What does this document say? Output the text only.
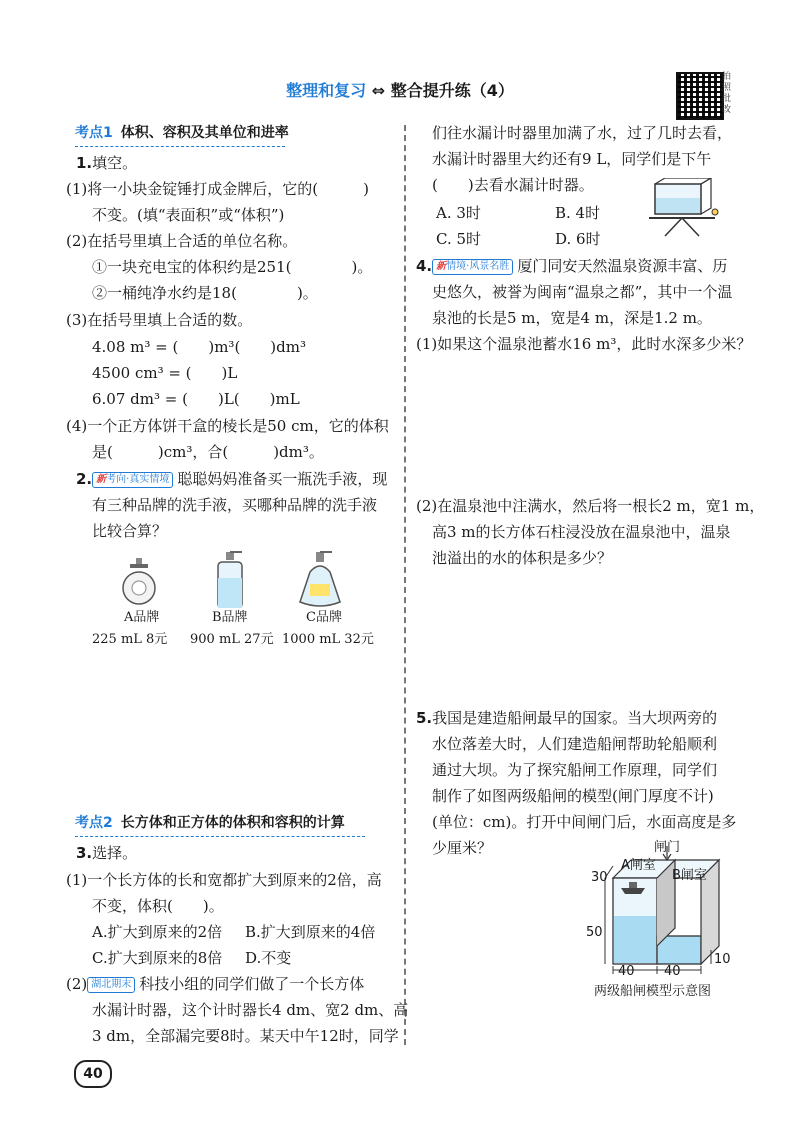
整理和复习 ⇔ 整合提升练（4）
拍照批改
考点1 体积、容积及其单位和进率
1.填空。
(1)将一小块金锭锤打成金牌后，它的(　　　)
不变。(填“表面积”或“体积”)
(2)在括号里填上合适的单位名称。
①一块充电宝的体积约是251(　　　　)。
②一桶纯净水约是18(　　　　)。
(3)在括号里填上合适的数。
4.08 m³ = (　　)m³(　　)dm³
4500 cm³ = (　　)L
6.07 dm³ = (　　)L(　　)mL
(4)一个正方体饼干盒的棱长是50 cm，它的体积
是(　　　)cm³，合(　　　)dm³。
2. 新考向·真实情境 聪聪妈妈准备买一瓶洗手液，现
有三种品牌的洗手液，买哪种品牌的洗手液
比较合算？
A品牌
225 mL 8元
B品牌
900 mL 27元
C品牌
1000 mL 32元
考点2 长方体和正方体的体积和容积的计算
3.选择。
(1)一个长方体的长和宽都扩大到原来的2倍，高
不变，体积(　　)。
A.扩大到原来的2倍 B.扩大到原来的4倍
C.扩大到原来的8倍 D.不变
(2) 湖北期末 科技小组的同学们做了一个长方体
水漏计时器，这个计时器长4 dm、宽2 dm、高
3 dm，全部漏完要8时。某天中午12时，同学
40
们往水漏计时器里加满了水，过了几时去看，
水漏计时器里大约还有9 L，同学们是下午
(　　)去看水漏计时器。
A. 3时	B. 4时
C. 5时	D. 6时
4. 新情境·风景名胜 厦门同安天然温泉资源丰富、历
史悠久，被誉为闽南“温泉之都”，其中一个温
泉池的长是5 m，宽是4 m，深是1.2 m。
(1)如果这个温泉池蓄水16 m³，此时水深多少米？
(2)在温泉池中注满水，然后将一根长2 m，宽1 m，
高3 m的长方体石柱浸没放在温泉池中，温泉
池溢出的水的体积是多少？
5.我国是建造船闸最早的国家。当大坝两旁的
水位落差大时，人们建造船闸帮助轮船顺利
通过大坝。为了探究船闸工作原理，同学们
制作了如图两级船闸的模型(闸门厚度不计)
(单位：cm)。打开中间闸门后，水面高度是多
少厘米？	闸门
A闸室
B闸室
30
50
40 40
10
两级船闸模型示意图
